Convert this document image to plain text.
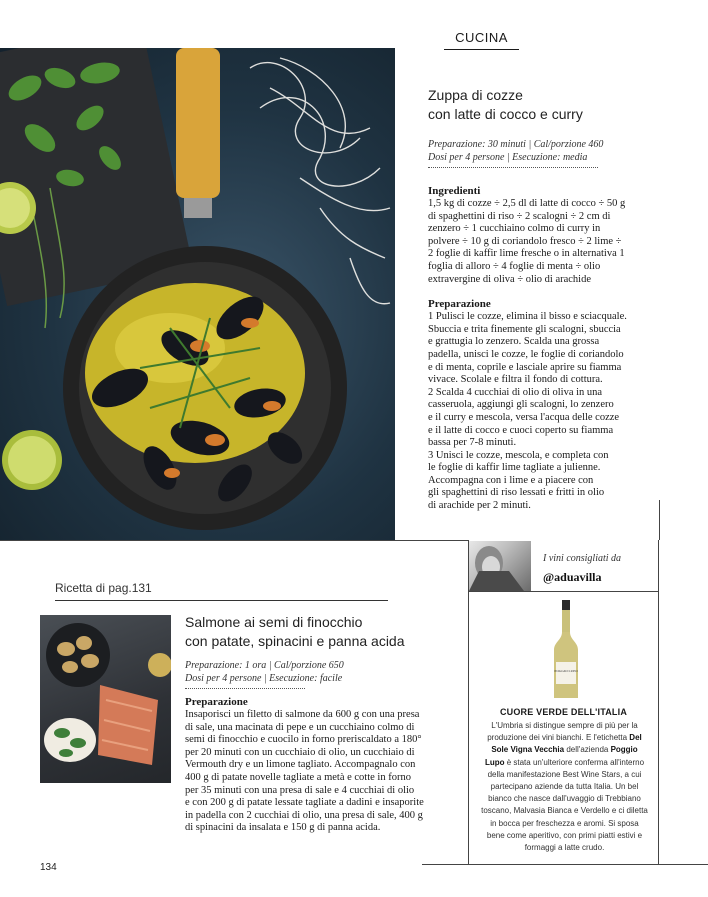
CUCINA
Zuppa di cozze
con latte di cocco e curry
Preparazione: 30 minuti | Cal/porzione 460
Dosi per 4 persone | Esecuzione: media
Ingredienti
1,5 kg di cozze ÷ 2,5 dl di latte di cocco ÷ 50 g
di spaghettini di riso ÷ 2 scalogni ÷ 2 cm di
zenzero ÷ 1 cucchiaino colmo di curry in
polvere ÷ 10 g di coriandolo fresco ÷ 2 lime ÷
2 foglie di kaffir lime fresche o in alternativa 1
foglia di alloro ÷ 4 foglie di menta ÷ olio
extravergine di oliva ÷ olio di arachide
Preparazione
1 Pulisci le cozze, elimina il bisso e sciacquale.
Sbuccia e trita finemente gli scalogni, sbuccia
e grattugia lo zenzero. Scalda una grossa
padella, unisci le cozze, le foglie di coriandolo
e di menta, coprile e lasciale aprire su fiamma
vivace. Scolale e filtra il fondo di cottura.
2 Scalda 4 cucchiai di olio di oliva in una
casseruola, aggiungi gli scalogni, lo zenzero
e il curry e mescola, versa l'acqua delle cozze
e il latte di cocco e cuoci coperto su fiamma
bassa per 7-8 minuti.
3 Unisci le cozze, mescola, e completa con
le foglie di kaffir lime tagliate a julienne.
Accompagna con i lime e a piacere con
gli spaghettini di riso lessati e fritti in olio
di arachide per 2 minuti.
Ricetta di pag.131
Salmone ai semi di finocchio
con patate, spinacini e panna acida
Preparazione: 1 ora | Cal/porzione 650
Dosi per 4 persone | Esecuzione: facile
Preparazione
Insaporisci un filetto di salmone da 600 g con una presa
di sale, una macinata di pepe e un cucchiaino colmo di
semi di finocchio e cuocilo in forno preriscaldato a 180°
per 20 minuti con un cucchiaio di olio, un cucchiaio di
Vermouth dry e un limone tagliato. Accompagnalo con
400 g di patate novelle tagliate a metà e cotte in forno
per 35 minuti con una presa di sale e 4 cucchiai di olio
e con 200 g di patate lessate tagliate a dadini e insaporite
in padella con 2 cucchiai di olio, una presa di sale, 400 g
di spinacini da insalata e 150 g di panna acida.
I vini consigliati da
@aduavilla
POGGIO LUPO
CUORE VERDE DELL'ITALIA
L'Umbria si distingue sempre di più per la produzione dei vini bianchi. E l'etichetta Del Sole Vigna Vecchia dell'azienda Poggio Lupo è stata un'ulteriore conferma all'interno della manifestazione Best Wine Stars, a cui partecipano aziende da tutta Italia. Un bel bianco che nasce dall'uvaggio di Trebbiano toscano, Malvasia Bianca e Verdello e ci diletta in bocca per freschezza e aromi. Si sposa bene come aperitivo, con primi piatti estivi e formaggi a latte crudo.
134
